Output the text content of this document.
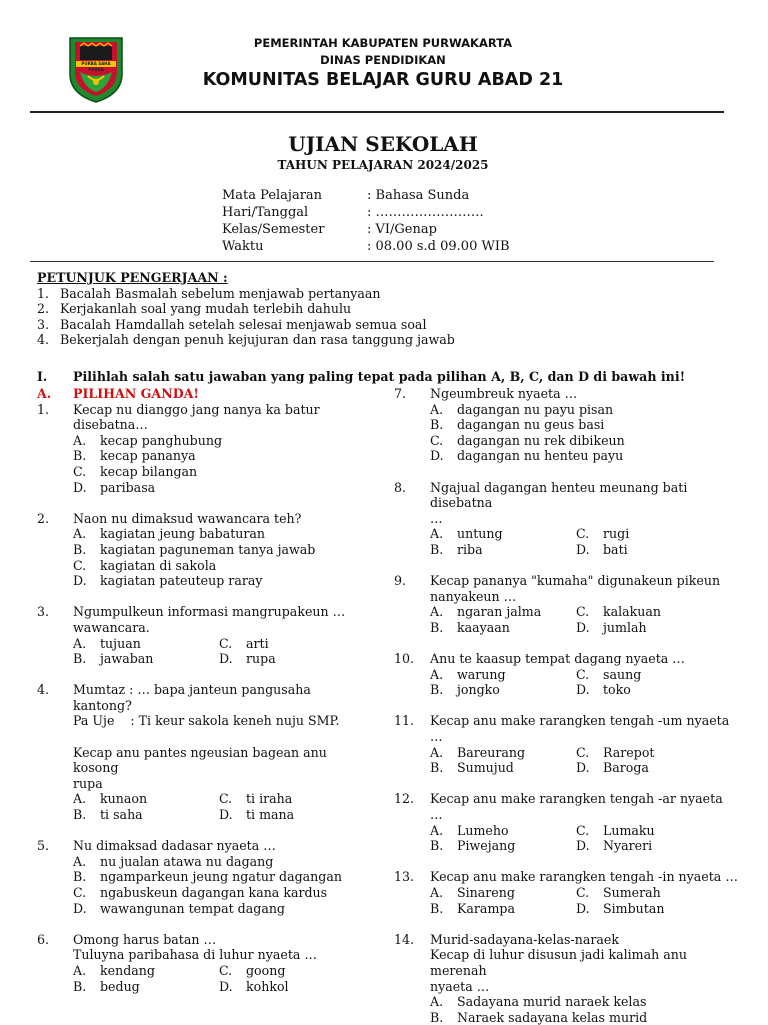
PURBA SAHA PURBA
PEMERINTAH KABUPATEN PURWAKARTA
DINAS PENDIDIKAN
KOMUNITAS BELAJAR GURU ABAD 21
UJIAN SEKOLAH
TAHUN PELAJARAN 2024/2025
Mata Pelajaran	: Bahasa Sunda
Hari/Tanggal	: …………………….
Kelas/Semester	: VI/Genap
Waktu	: 08.00 s.d 09.00 WIB
PETUNJUK PENGERJAAN :
1. Bacalah Basmalah sebelum menjawab pertanyaan
2. Kerjakanlah soal yang mudah terlebih dahulu
3. Bacalah Hamdallah setelah selesai menjawab semua soal
4. Bekerjalah dengan penuh kejujuran dan rasa tanggung jawab
I. Pilihlah salah satu jawaban yang paling tepat pada pilihan A, B, C, dan D di bawah ini!
A. PILIHAN GANDA!
1. Kecap nu dianggo jang nanya ka batur disebatna…
A. kecap panghubung
B. kecap pananya
C. kecap bilangan
D. paribasa
2. Naon nu dimaksud wawancara teh?
A. kagiatan jeung babaturan
B. kagiatan paguneman tanya jawab
C. kagiatan di sakola
D. kagiatan pateuteup raray
3. Ngumpulkeun informasi mangrupakeun …
wawancara.
A. tujuan	C. arti
B. jawaban	D. rupa
4. Mumtaz : … bapa janteun pangusaha kantong?
Pa Uje    : Ti keur sakola keneh nuju SMP.
Kecap anu pantes ngeusian bagean anu kosong
rupa
A. kunaon	C. ti iraha
B. ti saha	D. ti mana
5. Nu dimaksad dadasar nyaeta …
A. nu jualan atawa nu dagang
B. ngamparkeun jeung ngatur dagangan
C. ngabuskeun dagangan kana kardus
D. wawangunan tempat dagang
6. Omong harus batan …
Tuluyna paribahasa di luhur nyaeta …
A. kendang	C. goong
B. bedug	D. kohkol
7. Ngeumbreuk nyaeta …
A. dagangan nu payu pisan
B. dagangan nu geus basi
C. dagangan nu rek dibikeun
D. dagangan nu henteu payu
8. Ngajual dagangan henteu meunang bati disebatna
…
A. untung	C. rugi
B. riba	D. bati
9. Kecap pananya "kumaha" digunakeun pikeun
nanyakeun …
A. ngaran jalma	C. kalakuan
B. kaayaan	D. jumlah
10. Anu te kaasup tempat dagang nyaeta …
A. warung	C. saung
B. jongko	D. toko
11. Kecap anu make rarangken tengah -um nyaeta …
A. Bareurang	C. Rarepot
B. Sumujud	D. Baroga
12. Kecap anu make rarangken tengah -ar nyaeta …
A. Lumeho	C. Lumaku
B. Piwejang	D. Nyareri
13. Kecap anu make rarangken tengah -in nyaeta …
A. Sinareng	C. Sumerah
B. Karampa	D. Simbutan
14. Murid-sadayana-kelas-naraek
Kecap di luhur disusun jadi kalimah anu merenah
nyaeta …
A. Sadayana murid naraek kelas
B. Naraek sadayana kelas murid
